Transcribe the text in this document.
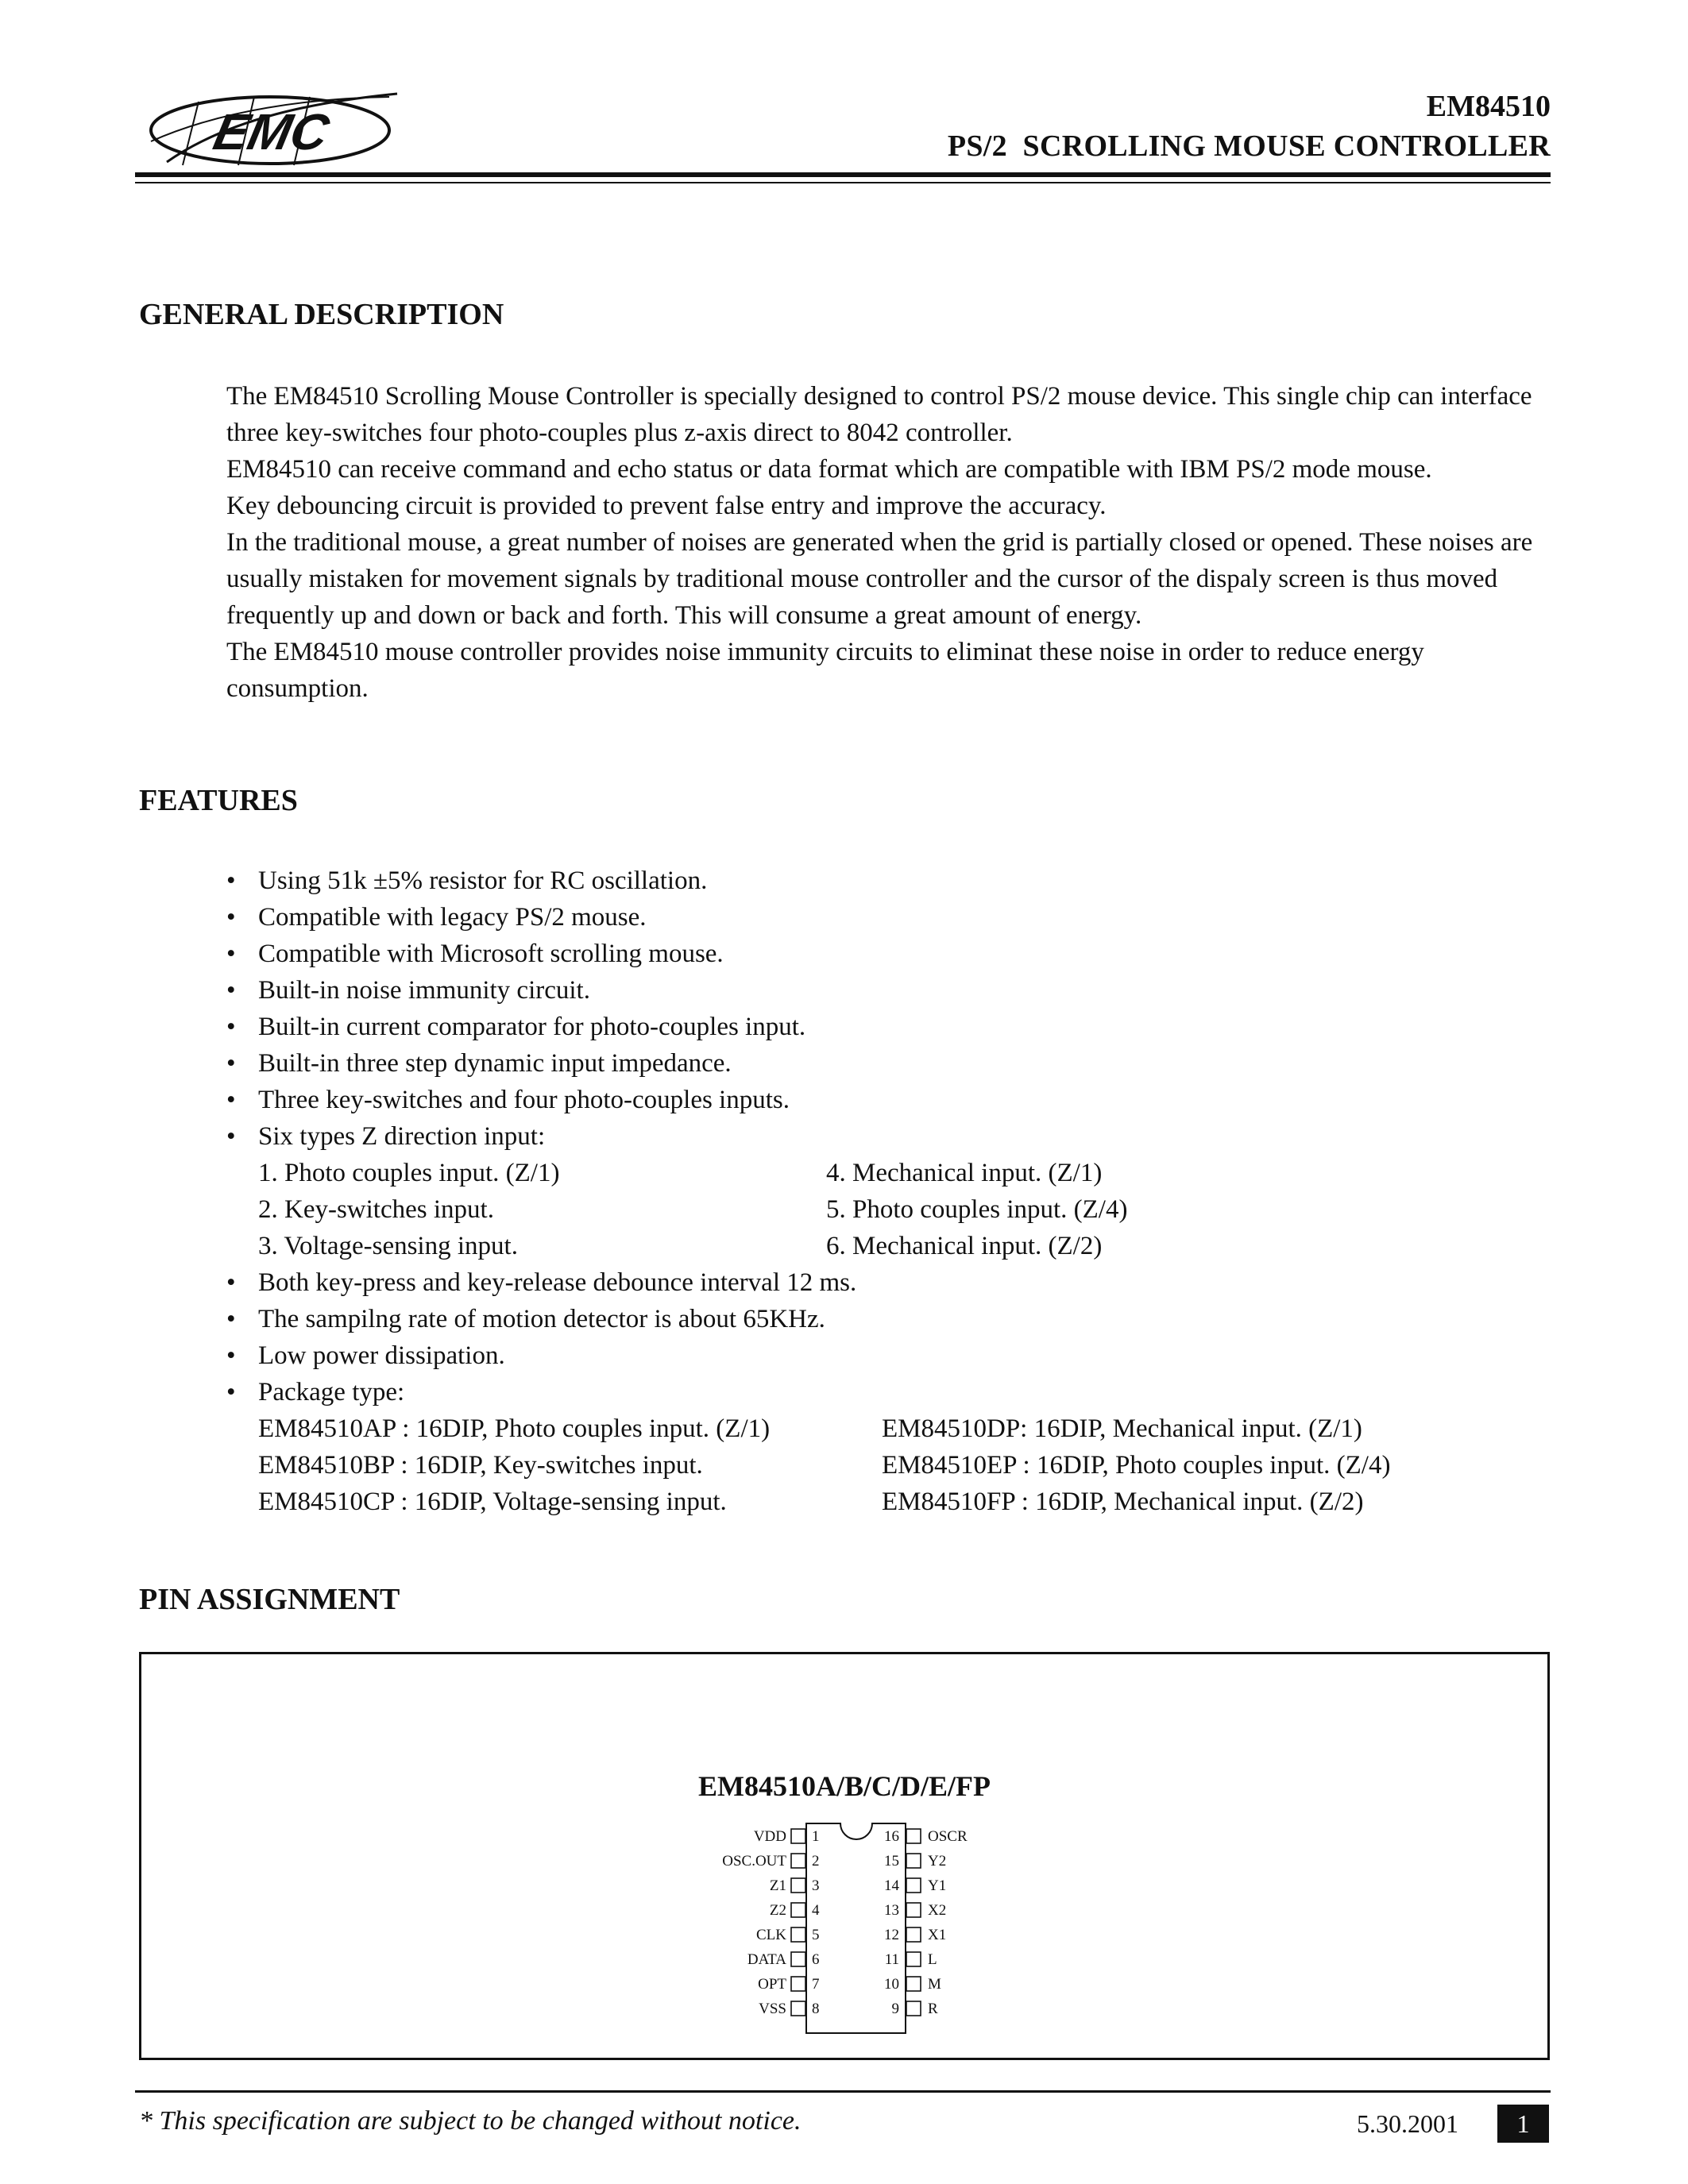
EMC	EM84510
PS/2  SCROLLING MOUSE CONTROLLER
GENERAL DESCRIPTION

The EM84510 Scrolling Mouse Controller is specially designed to control PS/2 mouse device. This single chip can interface three key-switches four photo-couples plus z-axis direct to 8042 controller.

EM84510 can receive command and echo status or data format which are compatible with IBM PS/2 mode mouse.

Key debouncing circuit is provided to prevent false entry and improve the accuracy.

In the traditional mouse, a great number of noises are generated when the grid is partially closed or opened. These noises are usually mistaken for movement signals by traditional mouse controller and the cursor of the dispaly screen is thus moved frequently up and down or back and forth. This will consume a great amount of energy.

The EM84510 mouse controller provides noise immunity circuits to eliminat these noise in order to reduce energy consumption.

FEATURES
• Using 51k ±5% resistor for RC oscillation.
• Compatible with legacy PS/2 mouse.
• Compatible with Microsoft scrolling mouse.
• Built-in noise immunity circuit.
• Built-in current comparator for photo-couples input.
• Built-in three step dynamic input impedance.
• Three key-switches and four photo-couples inputs.
• Six types Z direction input:
1. Photo couples input. (Z/1)	4. Mechanical input. (Z/1)
2. Key-switches input.	5. Photo couples input. (Z/4)
3. Voltage-sensing input.	6. Mechanical input. (Z/2)
• Both key-press and key-release debounce interval 12 ms.
• The sampilng rate of motion detector is about 65KHz.
• Low power dissipation.
• Package type:
EM84510AP : 16DIP, Photo couples input. (Z/1)	EM84510DP: 16DIP, Mechanical input. (Z/1)
EM84510BP : 16DIP, Key-switches input.	EM84510EP : 16DIP, Photo couples input. (Z/4)
EM84510CP : 16DIP, Voltage-sensing input.	EM84510FP : 16DIP, Mechanical input. (Z/2)
PIN ASSIGNMENT
EM84510A/B/C/D/E/FP
VDD 1
OSC.OUT 2
Z1 3
Z2 4
CLK 5
DATA 6
OPT 7
VSS 8
16 OSCR
15 Y2
14 Y1
13 X2
12 X1
11 L
10 M
9 R
* This specification are subject to be changed without notice.	5.30.2001	1
